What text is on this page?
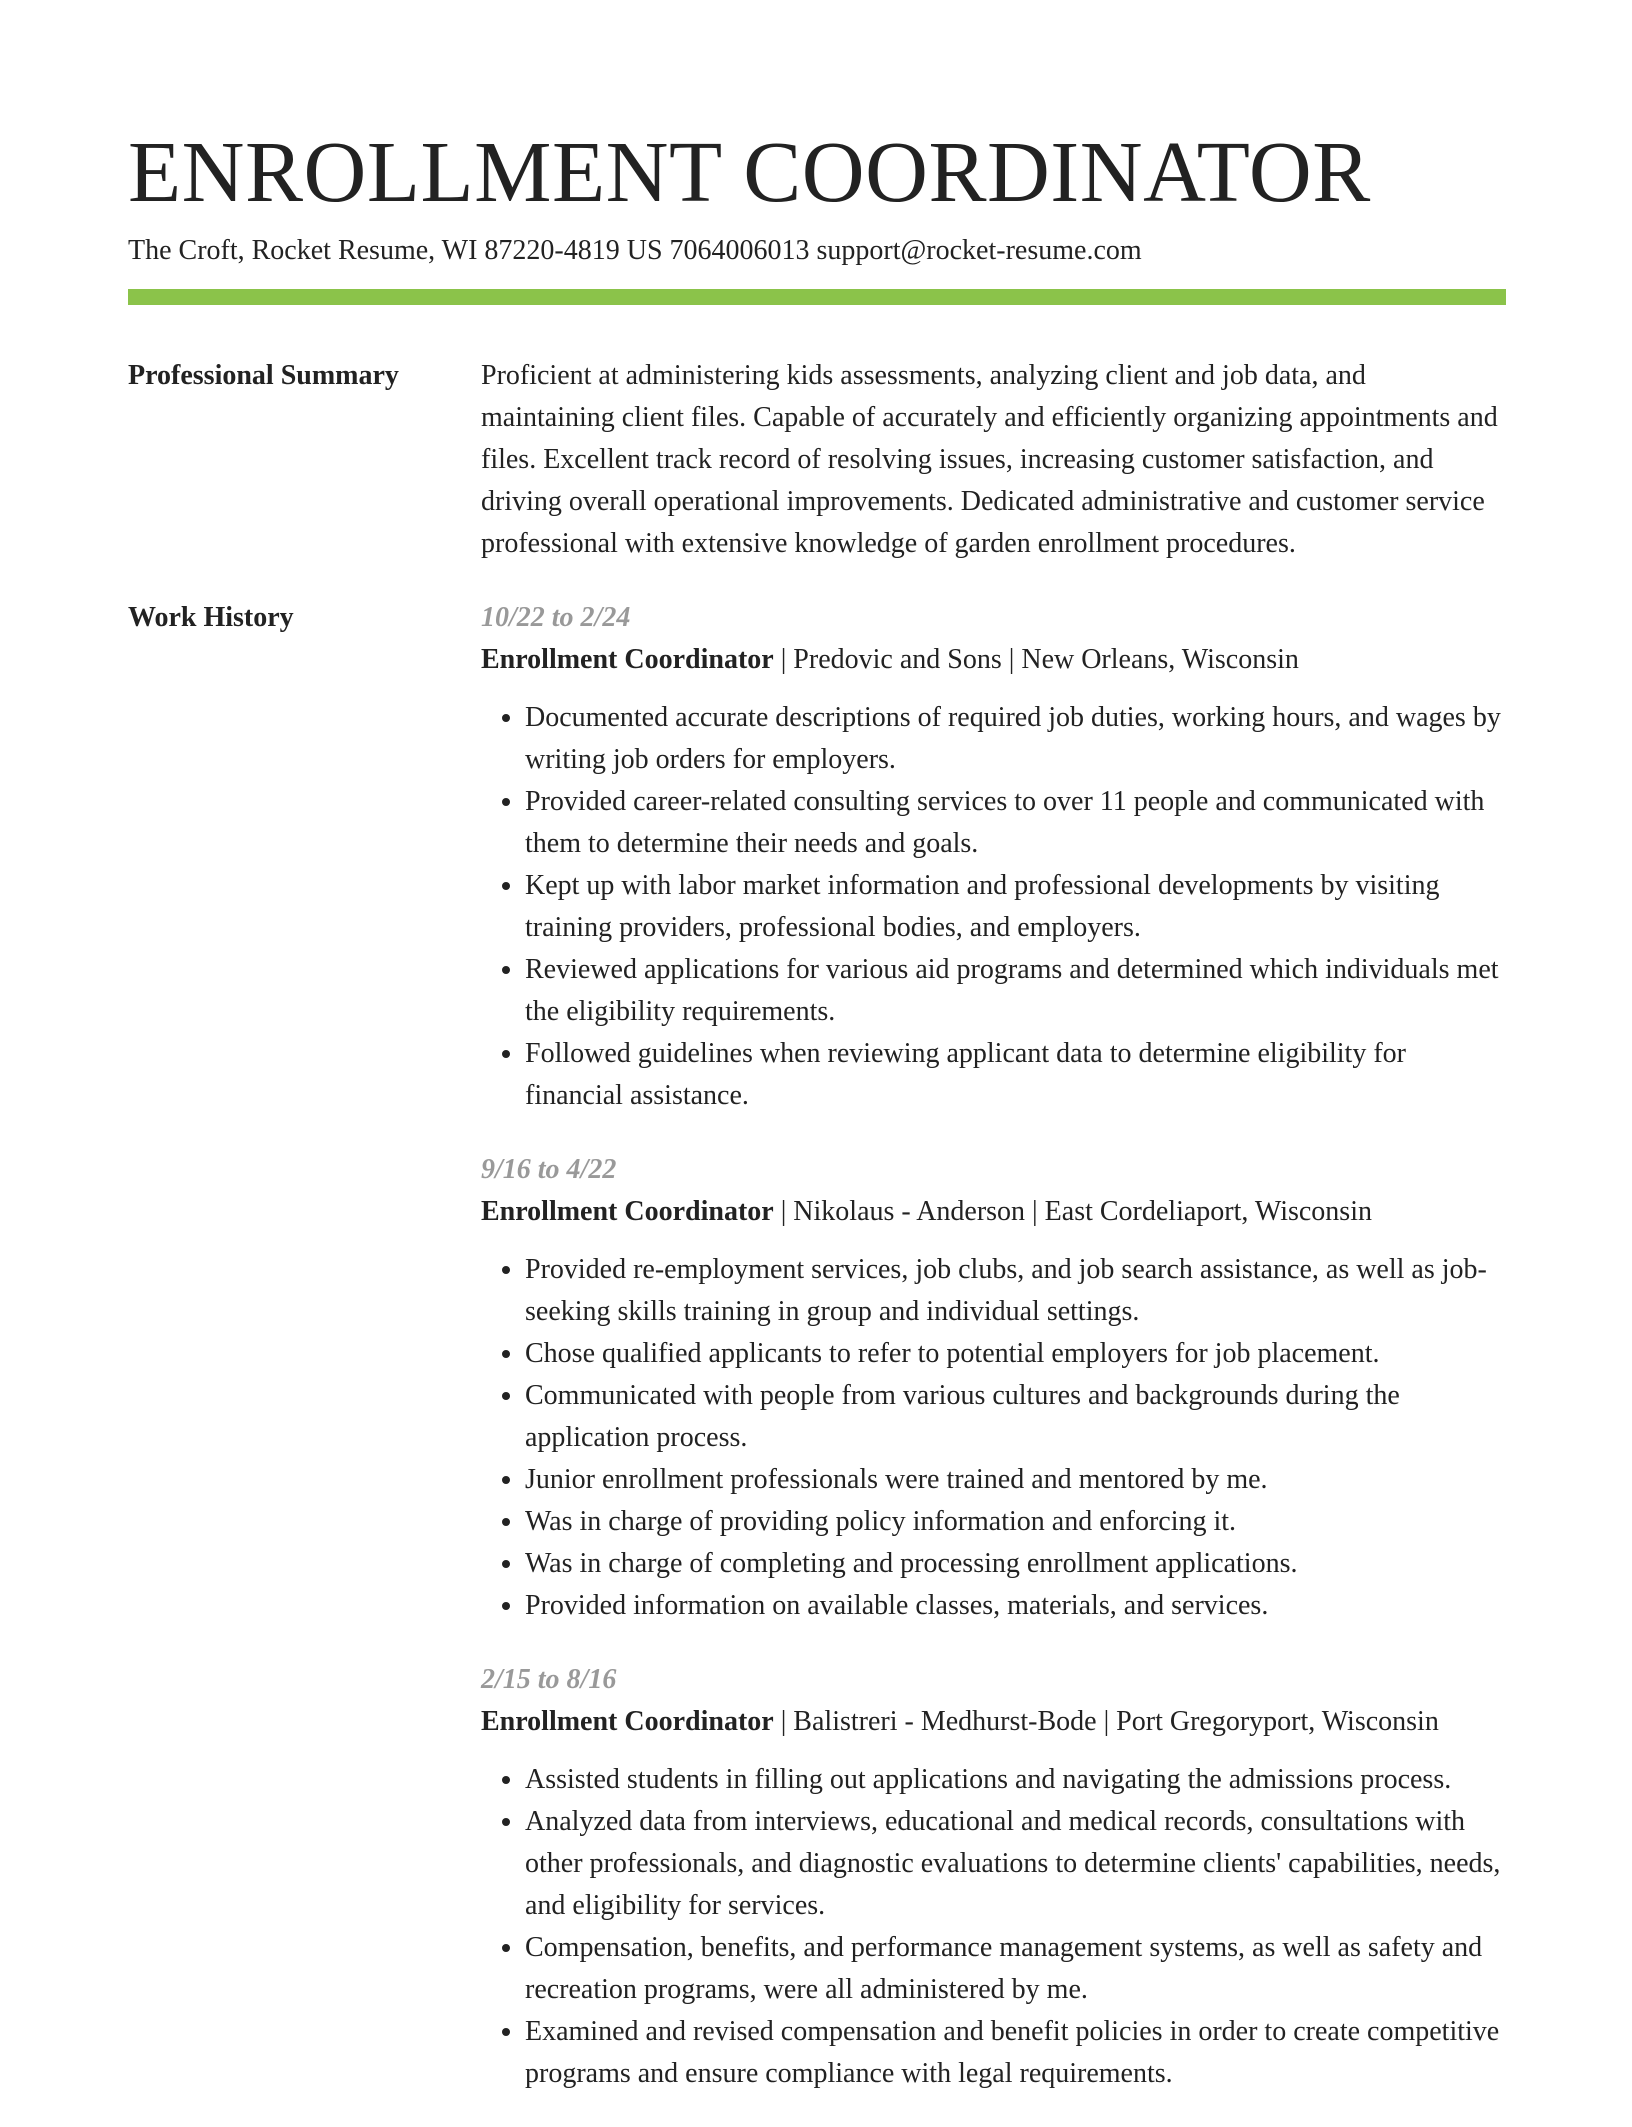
ENROLLMENT COORDINATOR
The Croft, Rocket Resume, WI 87220-4819 US 7064006013 support@rocket-resume.com
Professional Summary	Proficient at administering kids assessments, analyzing client and job data, and maintaining client files. Capable of accurately and efficiently organizing appointments and files. Excellent track record of resolving issues, increasing customer satisfaction, and driving overall operational improvements. Dedicated administrative and customer service professional with extensive knowledge of garden enrollment procedures.

Work History	10/22 to 2/24
Enrollment Coordinator | Predovic and Sons | New Orleans, Wisconsin
• Documented accurate descriptions of required job duties, working hours, and wages by writing job orders for employers.
• Provided career-related consulting services to over 11 people and communicated with them to determine their needs and goals.
• Kept up with labor market information and professional developments by visiting training providers, professional bodies, and employers.
• Reviewed applications for various aid programs and determined which individuals met the eligibility requirements.
• Followed guidelines when reviewing applicant data to determine eligibility for financial assistance.
9/16 to 4/22
Enrollment Coordinator | Nikolaus - Anderson | East Cordeliaport, Wisconsin
• Provided re-employment services, job clubs, and job search assistance, as well as job-seeking skills training in group and individual settings.
• Chose qualified applicants to refer to potential employers for job placement.
• Communicated with people from various cultures and backgrounds during the application process.
• Junior enrollment professionals were trained and mentored by me.
• Was in charge of providing policy information and enforcing it.
• Was in charge of completing and processing enrollment applications.
• Provided information on available classes, materials, and services.
2/15 to 8/16
Enrollment Coordinator | Balistreri - Medhurst-Bode | Port Gregoryport, Wisconsin
• Assisted students in filling out applications and navigating the admissions process.
• Analyzed data from interviews, educational and medical records, consultations with other professionals, and diagnostic evaluations to determine clients' capabilities, needs, and eligibility for services.
• Compensation, benefits, and performance management systems, as well as safety and recreation programs, were all administered by me.
• Examined and revised compensation and benefit policies in order to create competitive programs and ensure compliance with legal requirements.
